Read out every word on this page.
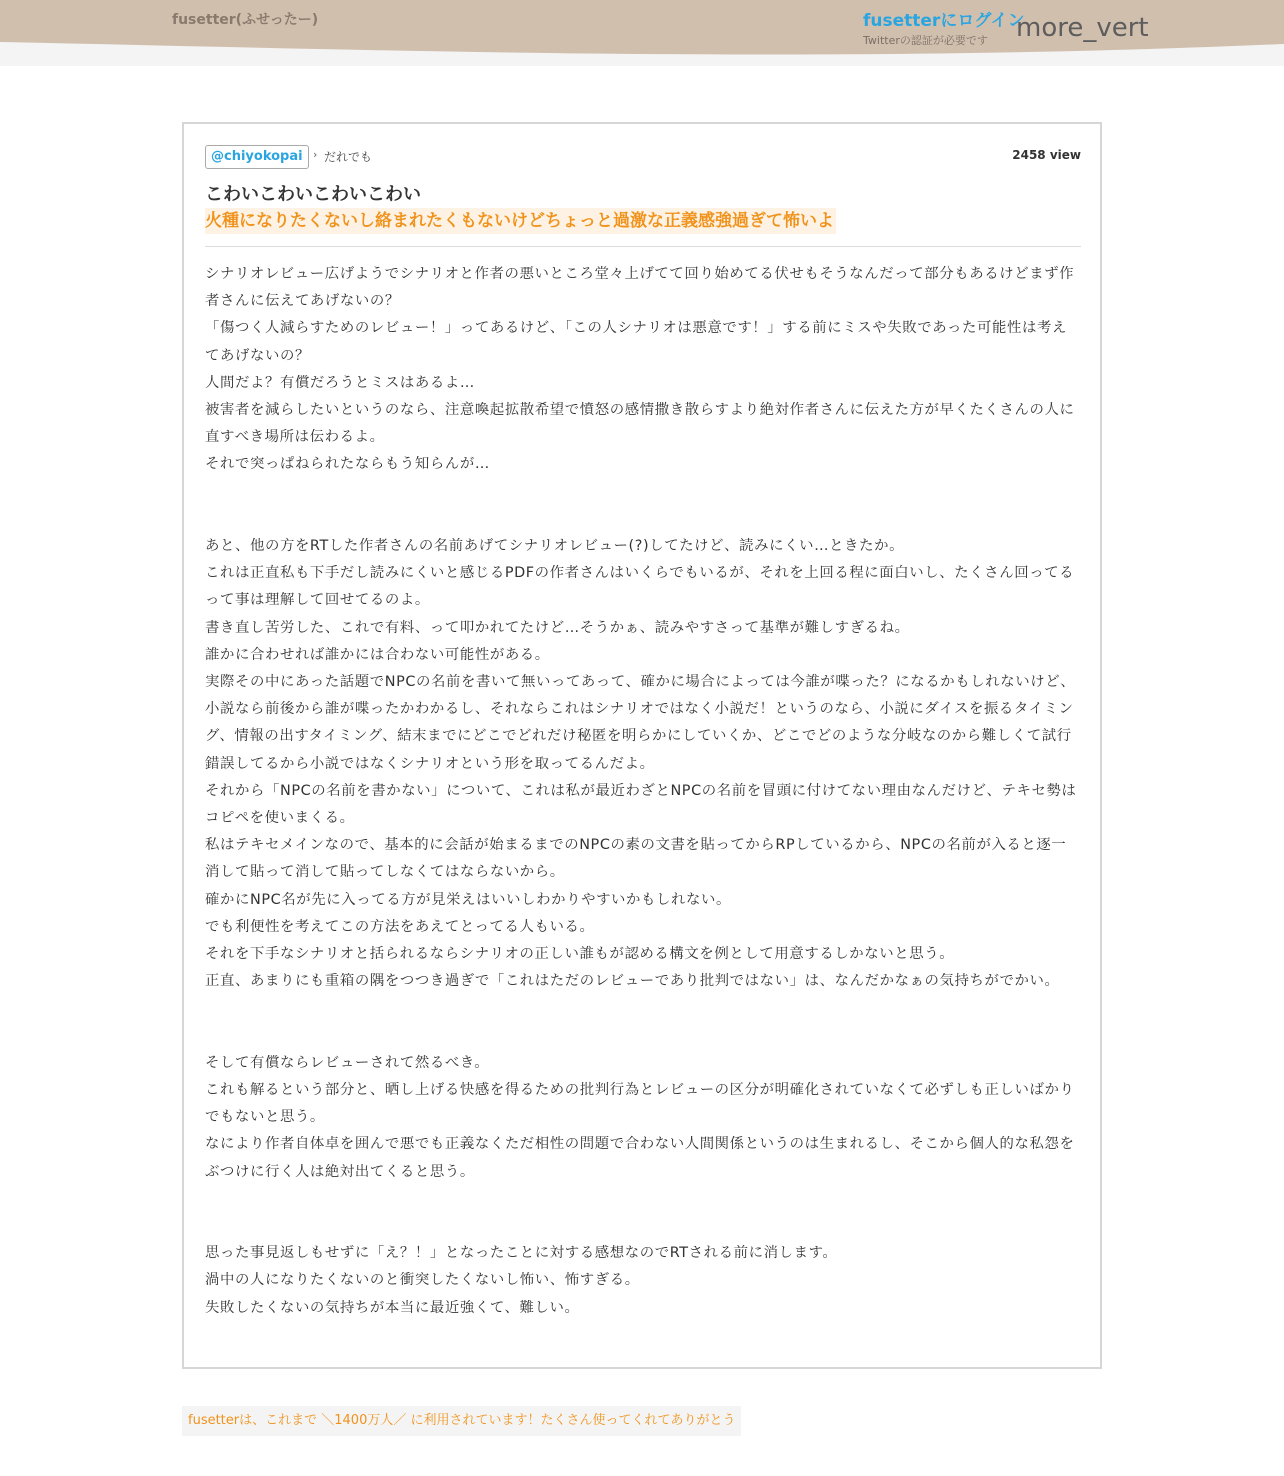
fusetter(ふせったー)	fusetterにログイン
Twitterの認証が必要です	more_vert
@chiyokopai › だれでも	2458 view
こわいこわいこわいこわい
火種になりたくないし絡まれたくもないけどちょっと過激な正義感強過ぎて怖いよ

シナリオレビュー広げようでシナリオと作者の悪いところ堂々上げてて回り始めてる伏せもそうなんだって部分もあるけどまず作者さんに伝えてあげないの？

「傷つく人減らすためのレビュー！」ってあるけど、「この人シナリオは悪意です！」する前にミスや失敗であった可能性は考えてあげないの？

人間だよ？有償だろうとミスはあるよ…

被害者を減らしたいというのなら、注意喚起拡散希望で憤怒の感情撒き散らすより絶対作者さんに伝えた方が早くたくさんの人に直すべき場所は伝わるよ。

それで突っぱねられたならもう知らんが…

あと、他の方をRTした作者さんの名前あげてシナリオレビュー(?)してたけど、読みにくい…ときたか。

これは正直私も下手だし読みにくいと感じるPDFの作者さんはいくらでもいるが、それを上回る程に面白いし、たくさん回ってるって事は理解して回せてるのよ。

書き直し苦労した、これで有料、って叩かれてたけど…そうかぁ、読みやすさって基準が難しすぎるね。

誰かに合わせれば誰かには合わない可能性がある。

実際その中にあった話題でNPCの名前を書いて無いってあって、確かに場合によっては今誰が喋った？になるかもしれないけど、小説なら前後から誰が喋ったかわかるし、それならこれはシナリオではなく小説だ！というのなら、小説にダイスを振るタイミング、情報の出すタイミング、結末までにどこでどれだけ秘匿を明らかにしていくか、どこでどのような分岐なのから難しくて試行錯誤してるから小説ではなくシナリオという形を取ってるんだよ。

それから「NPCの名前を書かない」について、これは私が最近わざとNPCの名前を冒頭に付けてない理由なんだけど、テキセ勢はコピペを使いまくる。

私はテキセメインなので、基本的に会話が始まるまでのNPCの素の文書を貼ってからRPしているから、NPCの名前が入ると逐一消して貼って消して貼ってしなくてはならないから。

確かにNPC名が先に入ってる方が見栄えはいいしわかりやすいかもしれない。

でも利便性を考えてこの方法をあえてとってる人もいる。

それを下手なシナリオと括られるならシナリオの正しい誰もが認める構文を例として用意するしかないと思う。

正直、あまりにも重箱の隅をつつき過ぎで「これはただのレビューであり批判ではない」は、なんだかなぁの気持ちがでかい。

そして有償ならレビューされて然るべき。

これも解るという部分と、晒し上げる快感を得るための批判行為とレビューの区分が明確化されていなくて必ずしも正しいばかりでもないと思う。

なにより作者自体卓を囲んで悪でも正義なくただ相性の問題で合わない人間関係というのは生まれるし、そこから個人的な私怨をぶつけに行く人は絶対出てくると思う。

思った事見返しもせずに「え？！」となったことに対する感想なのでRTされる前に消します。

渦中の人になりたくないのと衝突したくないし怖い、怖すぎる。

失敗したくないの気持ちが本当に最近強くて、難しい。

fusetterは、これまで ＼1400万人／ に利用されています！たくさん使ってくれてありがとう
